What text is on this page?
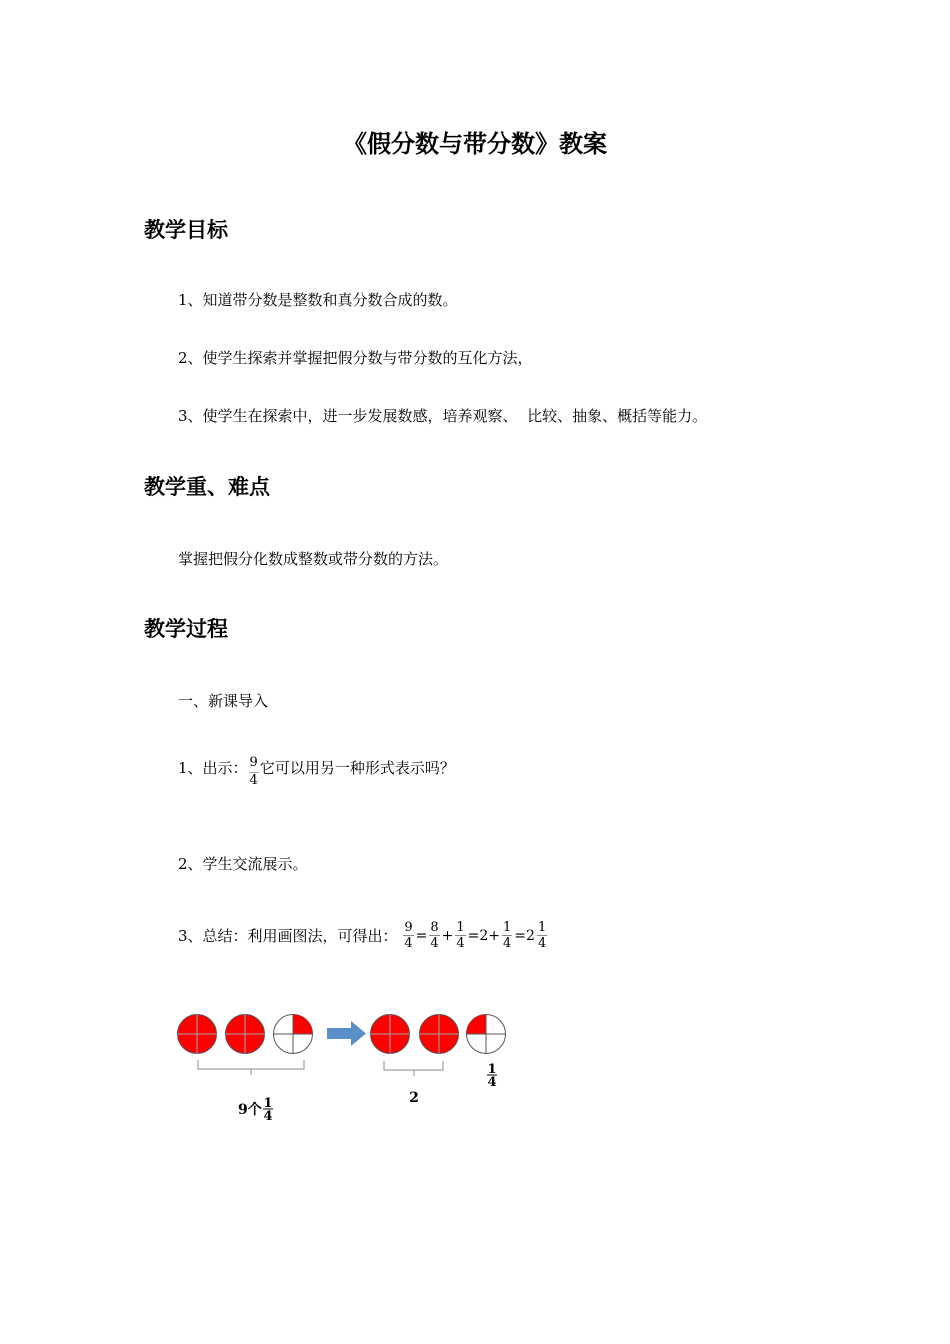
《假分数与带分数》教案
教学目标
1、知道带分数是整数和真分数合成的数。
2、使学生探索并掌握把假分数与带分数的互化方法，
3、使学生在探索中，进一步发展数感，培养观察、  比较、抽象、概括等能力。
教学重、难点
掌握把假分化数成整数或带分数的方法。
教学过程
一、新课导入
1、出示： $\frac{9}{4}$ 它可以用另一种形式表示吗？
2、学生交流展示。
3、总结：利用画图法，可得出： $\frac{9}{4} = \frac{8}{4} + \frac{1}{4} =2+ \frac{1}{4} =2 \frac{1}{4}$
9个 1
4
2
1
4
